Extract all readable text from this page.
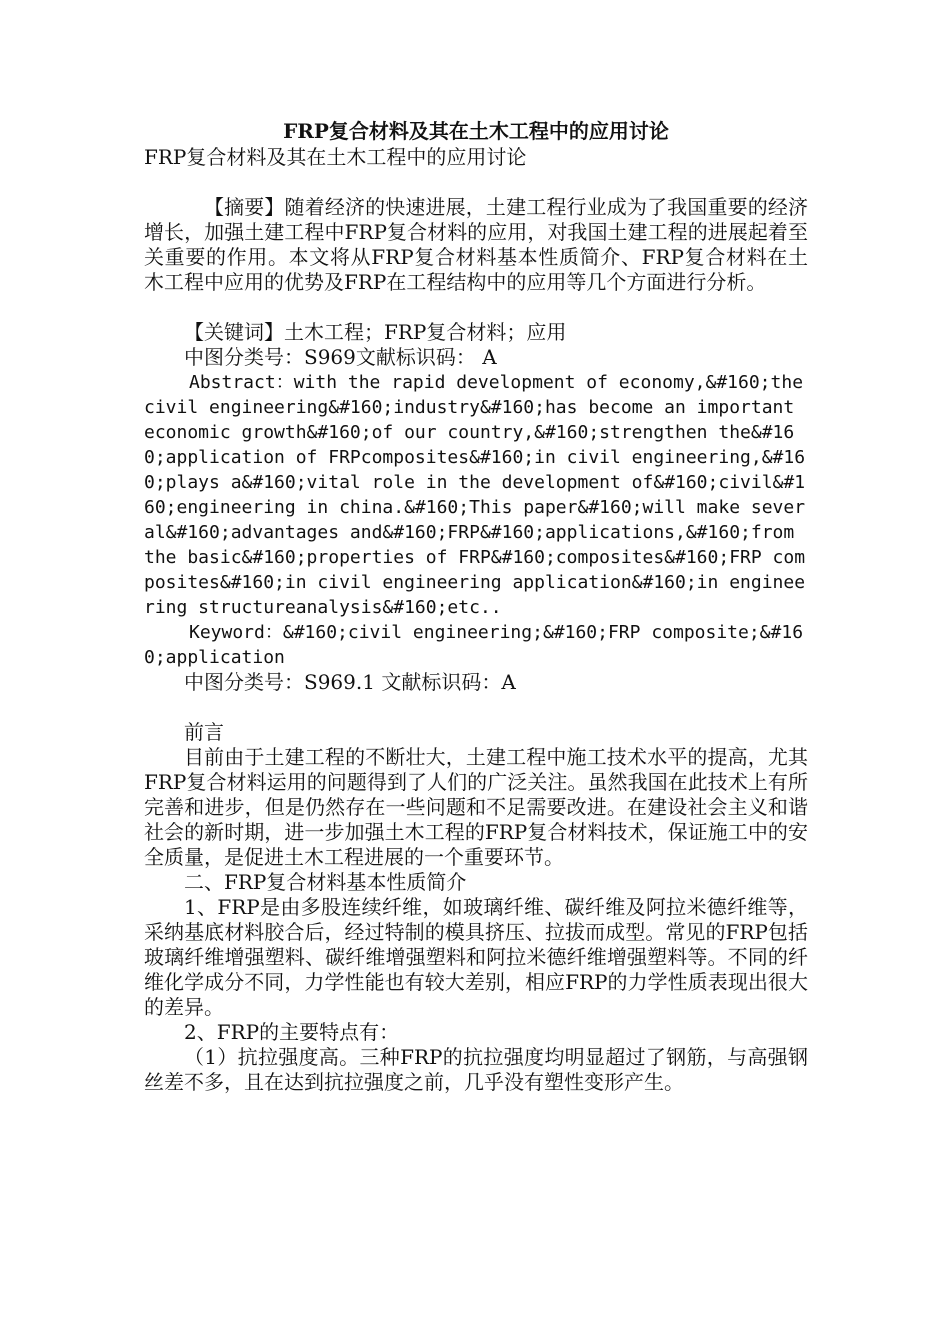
FRP复合材料及其在土木工程中的应用讨论

FRP复合材料及其在土木工程中的应用讨论

【摘要】随着经济的快速进展，土建工程行业成为了我国重要的经济增长，加强土建工程中FRP复合材料的应用，对我国土建工程的进展起着至关重要的作用。本文将从FRP复合材料基本性质简介、FRP复合材料在土木工程中应用的优势及FRP在工程结构中的应用等几个方面进行分析。

【关键词】土木工程；FRP复合材料；应用

中图分类号：S969文献标识码： A

Abstract：with the rapid development of economy,&#160;the civil engineering&#160;industry&#160;has become an important economic growth&#160;of our country,&#160;strengthen the&#160;application of FRPcomposites&#160;in civil engineering,&#160;plays a&#160;vital role in the development of&#160;civil&#160;engineering in china.&#160;This paper&#160;will make several&#160;advantages and&#160;FRP&#160;applications,&#160;from the basic&#160;properties of FRP&#160;composites&#160;FRP composites&#160;in civil engineering application&#160;in engineering structureanalysis&#160;etc..

Keyword：&#160;civil engineering;&#160;FRP composite;&#160;application

中图分类号：S969.1 文献标识码：A

前言

目前由于土建工程的不断壮大，土建工程中施工技术水平的提高，尤其FRP复合材料运用的问题得到了人们的广泛关注。虽然我国在此技术上有所完善和进步，但是仍然存在一些问题和不足需要改进。在建设社会主义和谐社会的新时期，进一步加强土木工程的FRP复合材料技术，保证施工中的安全质量，是促进土木工程进展的一个重要环节。

二、FRP复合材料基本性质简介

1、FRP是由多股连续纤维，如玻璃纤维、碳纤维及阿拉米德纤维等，采纳基底材料胶合后，经过特制的模具挤压、拉拔而成型。常见的FRP包括玻璃纤维增强塑料、碳纤维增强塑料和阿拉米德纤维增强塑料等。不同的纤维化学成分不同，力学性能也有较大差别，相应FRP的力学性质表现出很大的差异。

2、FRP的主要特点有：

（1）抗拉强度高。三种FRP的抗拉强度均明显超过了钢筋，与高强钢丝差不多，且在达到抗拉强度之前，几乎没有塑性变形产生。
